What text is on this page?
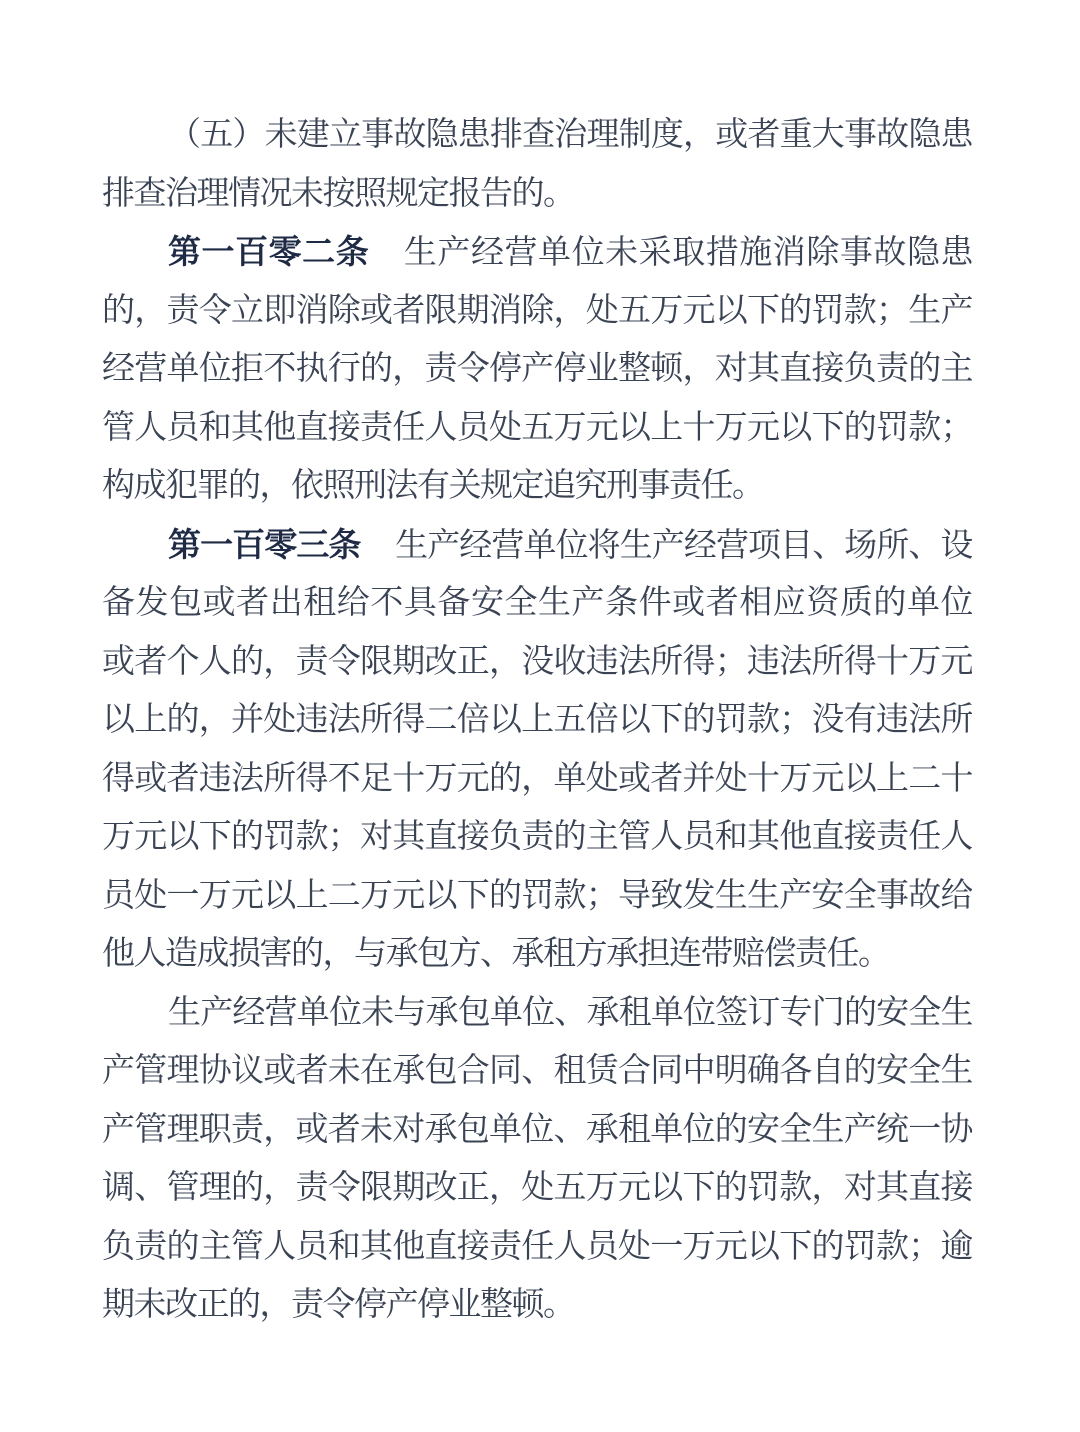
（五）未建立事故隐患排查治理制度，或者重大事故隐患
排查治理情况未按照规定报告的。
第一百零二条 生产经营单位未采取措施消除事故隐患
的，责令立即消除或者限期消除，处五万元以下的罚款；生产
经营单位拒不执行的，责令停产停业整顿，对其直接负责的主
管人员和其他直接责任人员处五万元以上十万元以下的罚款；
构成犯罪的，依照刑法有关规定追究刑事责任。
第一百零三条 生产经营单位将生产经营项目、场所、设
备发包或者出租给不具备安全生产条件或者相应资质的单位
或者个人的，责令限期改正，没收违法所得；违法所得十万元
以上的，并处违法所得二倍以上五倍以下的罚款；没有违法所
得或者违法所得不足十万元的，单处或者并处十万元以上二十
万元以下的罚款；对其直接负责的主管人员和其他直接责任人
员处一万元以上二万元以下的罚款；导致发生生产安全事故给
他人造成损害的，与承包方、承租方承担连带赔偿责任。
生产经营单位未与承包单位、承租单位签订专门的安全生
产管理协议或者未在承包合同、租赁合同中明确各自的安全生
产管理职责，或者未对承包单位、承租单位的安全生产统一协
调、管理的，责令限期改正，处五万元以下的罚款，对其直接
负责的主管人员和其他直接责任人员处一万元以下的罚款；逾
期未改正的，责令停产停业整顿。
